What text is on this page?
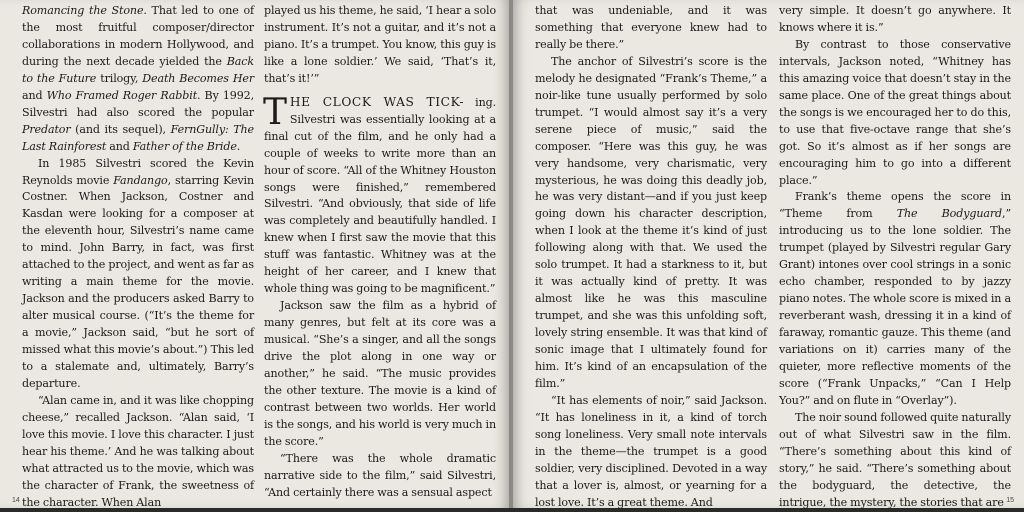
Romancing the Stone. That led to one of the most fruitful composer/director collaborations in modern Hollywood, and during the next decade yielded the Back to the Future trilogy, Death Becomes Her and Who Framed Roger Rabbit. By 1992, Silvestri had also scored the popular Predator (and its sequel), FernGully: The Last Rainforest and Father of the Bride.

In 1985 Silvestri scored the Kevin Reynolds movie Fandango, starring Kevin Costner. When Jackson, Costner and Kasdan were looking for a composer at the eleventh hour, Silvestri’s name came to mind. John Barry, in fact, was first attached to the project, and went as far as writing a main theme for the movie. Jackson and the producers asked Barry to alter musical course. (“It’s the theme for a movie,” Jackson said, “but he sort of missed what this movie’s about.”) This led to a stalemate and, ultimately, Barry’s departure.

“Alan came in, and it was like chopping cheese,” recalled Jackson. “Alan said, ‘I love this movie. I love this character. I just hear his theme.’ And he was talking about what attracted us to the movie, which was the character of Frank, the sweetness of the character. When Alan

played us his theme, he said, ‘I hear a solo instrument. It’s not a guitar, and it’s not a piano. It’s a trumpet. You know, this guy is like a lone soldier.’ We said, ‘That’s it, that’s it!’”

THE CLOCK WAS TICK- ing. Silvestri was essentially looking at a final cut of the film, and he only had a couple of weeks to write more than an hour of score. “All of the Whitney Houston songs were finished,” remembered Silvestri. “And obviously, that side of life was completely and beautifully handled. I knew when I first saw the movie that this stuff was fantastic. Whitney was at the height of her career, and I knew that whole thing was going to be magnificent.”

Jackson saw the film as a hybrid of many genres, but felt at its core was a musical. “She’s a singer, and all the songs drive the plot along in one way or another,” he said. “The music provides the other texture. The movie is a kind of contrast between two worlds. Her world is the songs, and his world is very much in the score.”

“There was the whole dramatic narrative side to the film,” said Silvestri, “And certainly there was a sensual aspect

14

that was undeniable, and it was something that everyone knew had to really be there.”

The anchor of Silvestri’s score is the melody he designated “Frank’s Theme,” a noir-like tune usually performed by solo trumpet. “I would almost say it’s a very serene piece of music,” said the composer. “Here was this guy, he was very handsome, very charismatic, very mysterious, he was doing this deadly job, he was very distant—and if you just keep going down his character description, when I look at the theme it’s kind of just following along with that. We used the solo trumpet. It had a starkness to it, but it was actually kind of pretty. It was almost like he was this masculine trumpet, and she was this unfolding soft, lovely string ensemble. It was that kind of sonic image that I ultimately found for him. It’s kind of an encapsulation of the film.”

“It has elements of noir,” said Jackson. “It has loneliness in it, a kind of torch song loneliness. Very small note intervals in the theme—the trumpet is a good soldier, very disciplined. Devoted in a way that a lover is, almost, or yearning for a lost love. It’s a great theme. And

very simple. It doesn’t go anywhere. It knows where it is.”

By contrast to those conservative intervals, Jackson noted, “Whitney has this amazing voice that doesn’t stay in the same place. One of the great things about the songs is we encouraged her to do this, to use that five-octave range that she’s got. So it’s almost as if her songs are encouraging him to go into a different place.”

Frank’s theme opens the score in “Theme from The Bodyguard,” introducing us to the lone soldier. The trumpet (played by Silvestri regular Gary Grant) intones over cool strings in a sonic echo chamber, responded to by jazzy piano notes. The whole score is mixed in a reverberant wash, dressing it in a kind of faraway, romantic gauze. This theme (and variations on it) carries many of the quieter, more reflective moments of the score (“Frank Unpacks,” “Can I Help You?” and on flute in “Overlay”).

The noir sound followed quite naturally out of what Silvestri saw in the film. “There’s something about this kind of story,” he said. “There’s something about the bodyguard, the detective, the intrigue, the mystery, the stories that are 15
